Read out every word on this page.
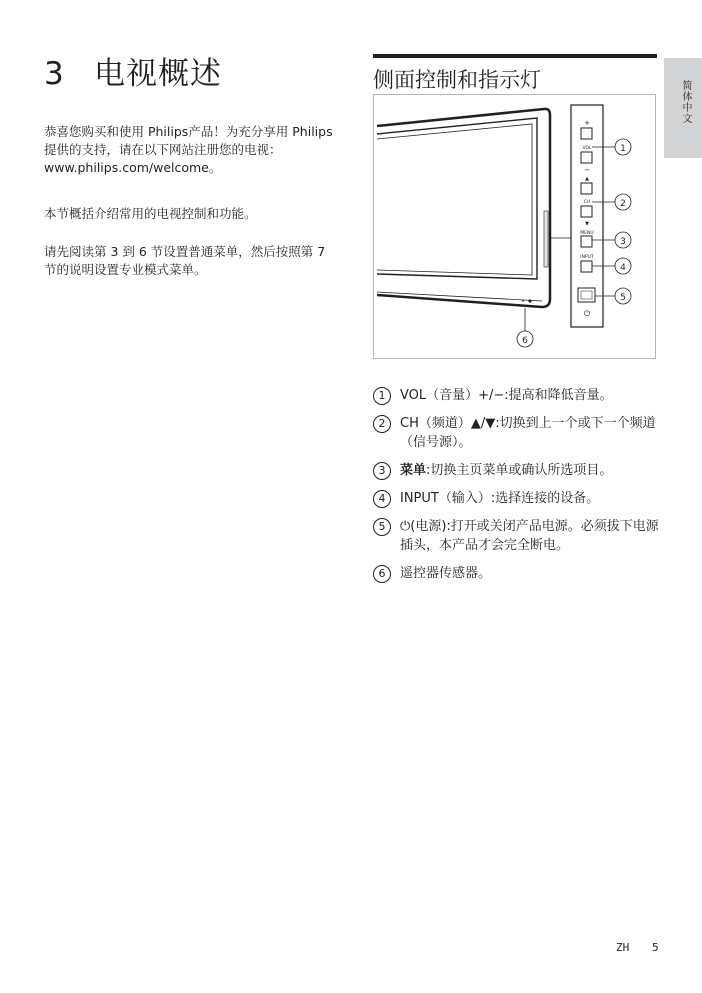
3 电视概述

恭喜您购买和使用 Philips产品！为充分享用 Philips 提供的支持，请在以下网站注册您的电视：www.philips.com/welcome。

本节概括介绍常用的电视控制和功能。

请先阅读第 3 到 6 节设置普通菜单，然后按照第 7 节的说明设置专业模式菜单。

侧面控制和指示灯	简体中文
+
VOL
−
▲
CH
▼
MENU
INPUT
⏻
1
2
3
4
5
6
1	VOL（音量）+/−:提高和降低音量。
2	CH（频道）▲/▼:切换到上一个或下一个频道（信号源）。
3	菜单:切换主页菜单或确认所选项目。
4	INPUT（输入）:选择连接的设备。
5	⏻(电源):打开或关闭产品电源。必须拔下电源插头，本产品才会完全断电。
6	遥控器传感器。
ZH 5
